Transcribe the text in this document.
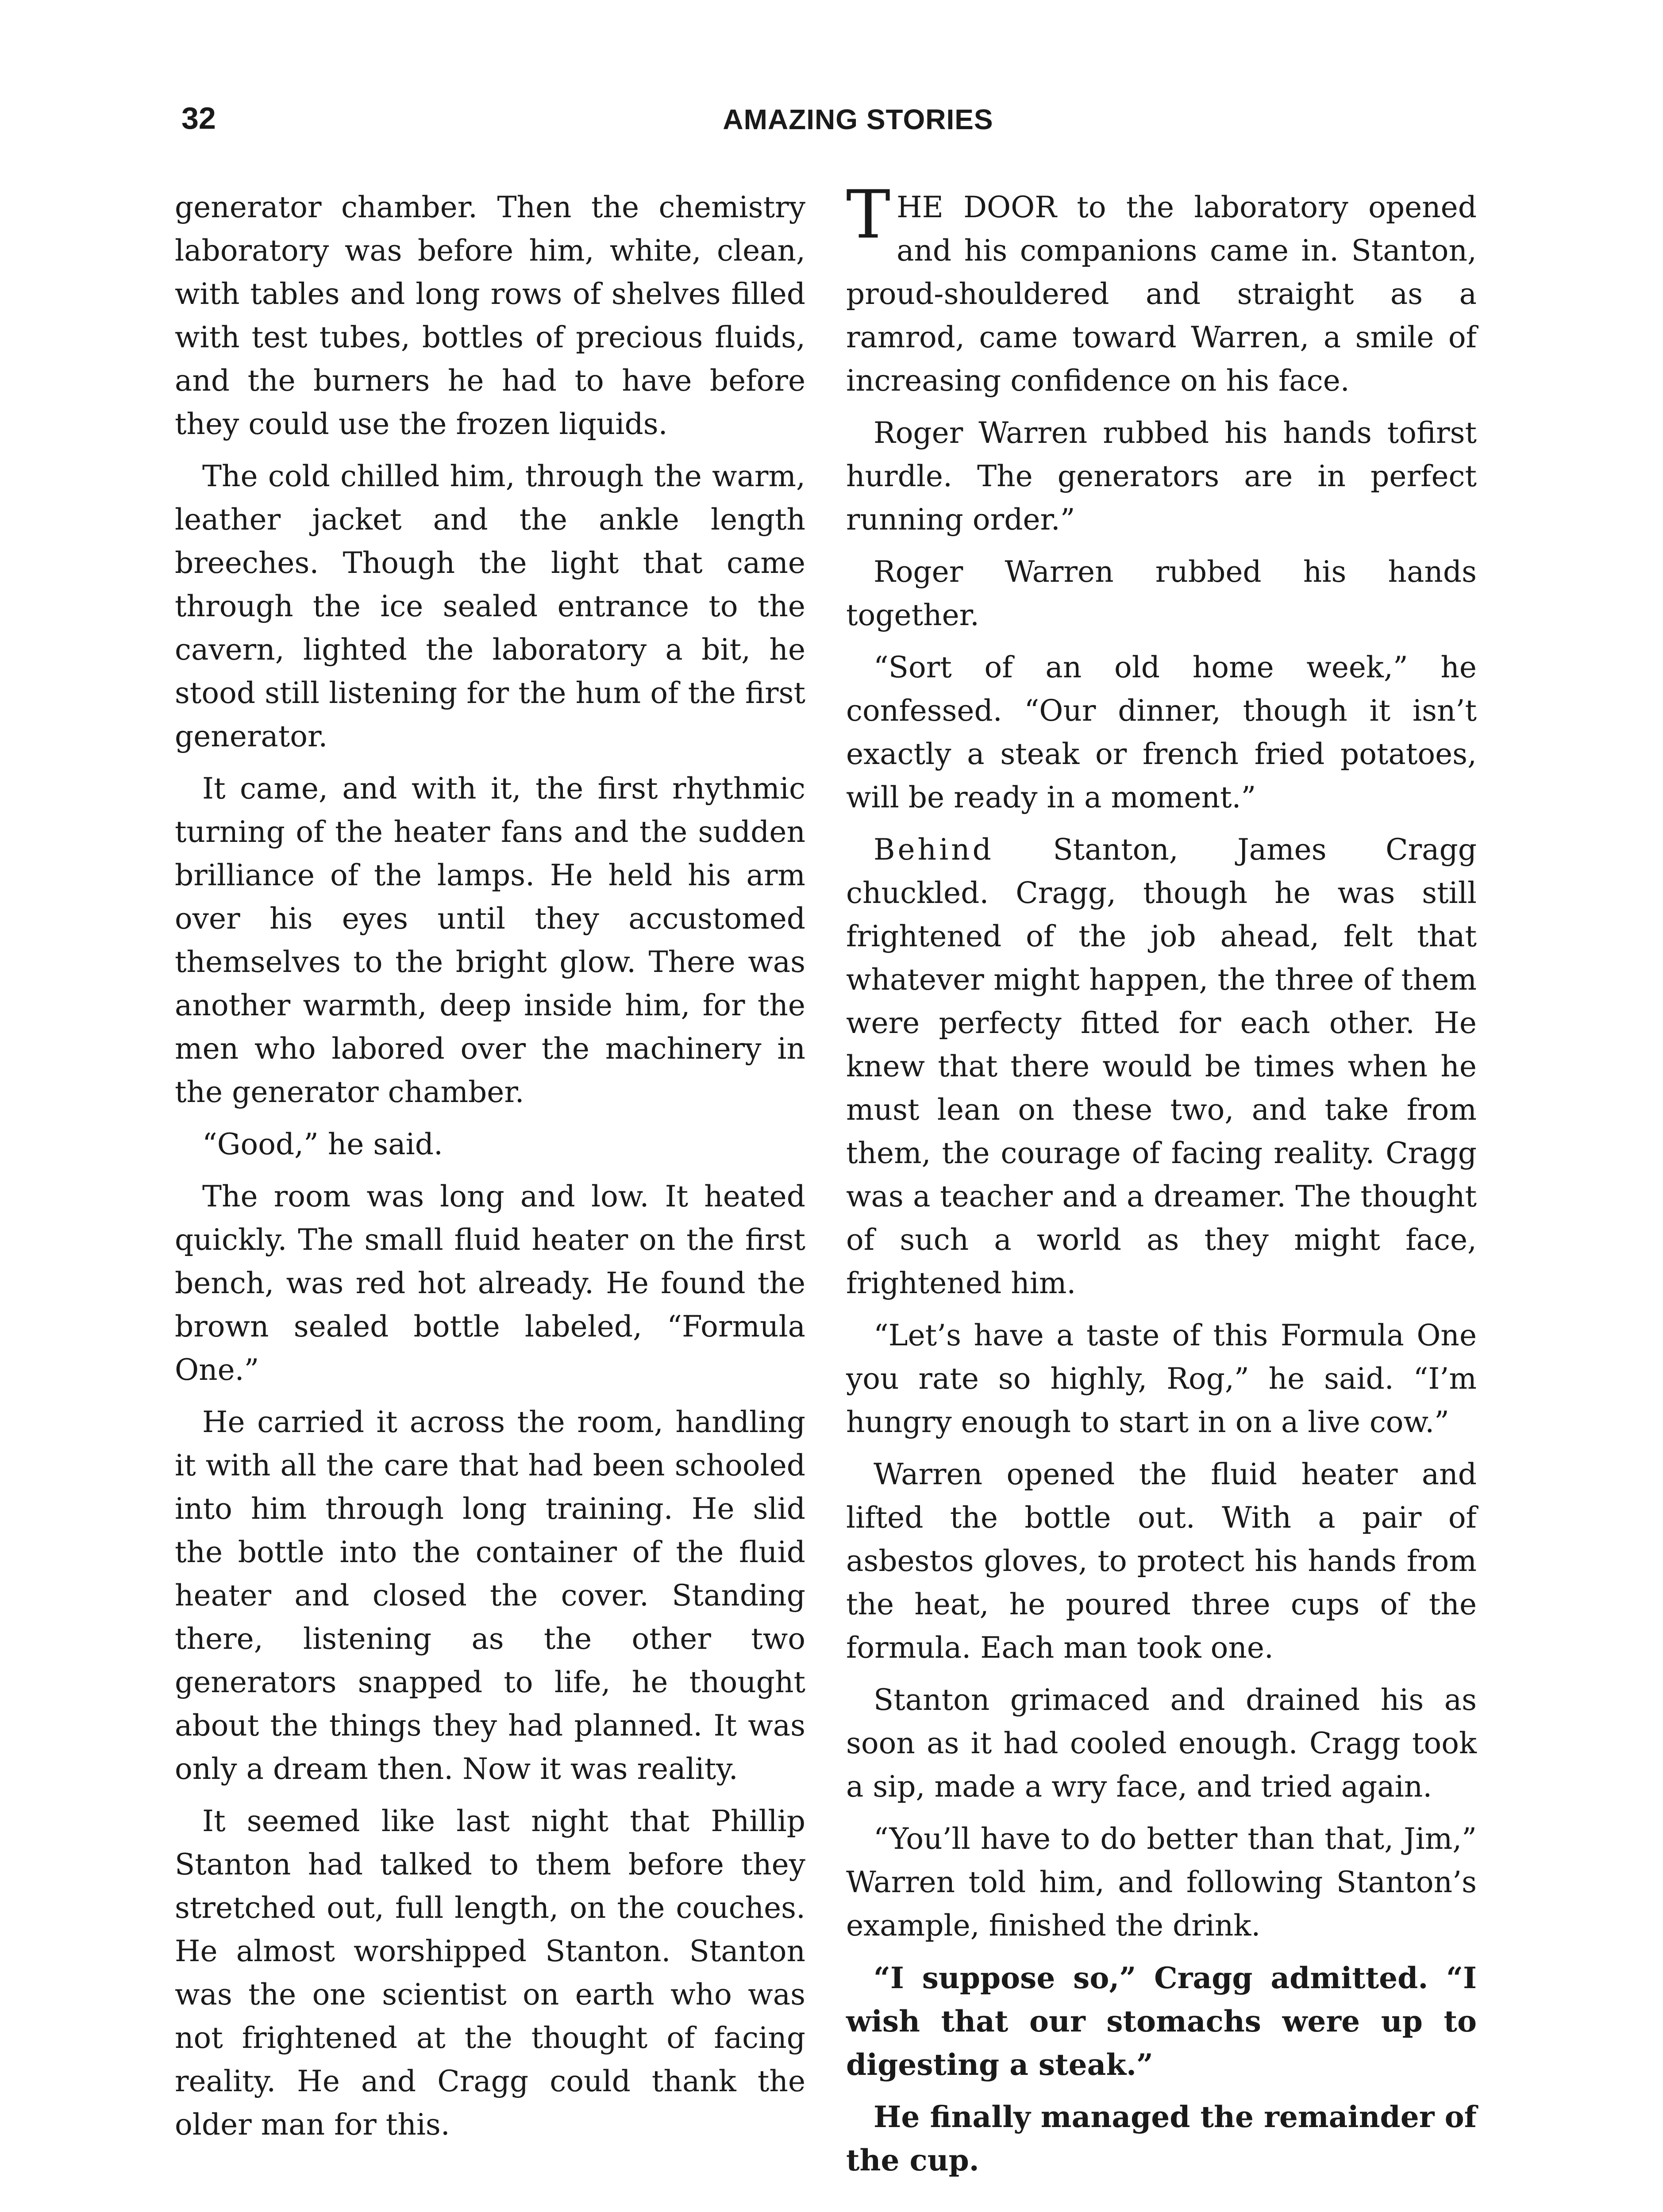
32	AMAZING STORIES

generator chamber. Then the chemistry laboratory was before him, white, clean, with tables and long rows of shelves filled with test tubes, bottles of precious fluids, and the burners he had to have before they could use the frozen liquids.

The cold chilled him, through the warm, leather jacket and the ankle length breeches. Though the light that came through the ice sealed entrance to the cavern, lighted the laboratory a bit, he stood still listening for the hum of the first generator.

It came, and with it, the first rhythmic turning of the heater fans and the sudden brilliance of the lamps. He held his arm over his eyes until they accustomed themselves to the bright glow. There was another warmth, deep inside him, for the men who labored over the machinery in the generator chamber.

“Good,” he said.

The room was long and low. It heated quickly. The small fluid heater on the first bench, was red hot already. He found the brown sealed bottle labeled, “Formula One.”

He carried it across the room, handling it with all the care that had been schooled into him through long training. He slid the bottle into the container of the fluid heater and closed the cover. Standing there, listening as the other two generators snapped to life, he thought about the things they had planned. It was only a dream then. Now it was reality.

It seemed like last night that Phillip Stanton had talked to them before they stretched out, full length, on the couches. He almost worshipped Stanton. Stanton was the one scientist on earth who was not frightened at the thought of facing reality. He and Cragg could thank the older man for this.

THE DOOR to the laboratory opened and his companions came in. Stanton, proud-shouldered and straight as a ramrod, came toward Warren, a smile of increasing confidence on his face.

Roger Warren rubbed his hands tofirst hurdle. The generators are in perfect running order.”

Roger Warren rubbed his hands together.

“Sort of an old home week,” he confessed. “Our dinner, though it isn’t exactly a steak or french fried potatoes, will be ready in a moment.”

Behind Stanton, James Cragg chuckled. Cragg, though he was still frightened of the job ahead, felt that whatever might happen, the three of them were perfecty fitted for each other. He knew that there would be times when he must lean on these two, and take from them, the courage of facing reality. Cragg was a teacher and a dreamer. The thought of such a world as they might face, frightened him.

“Let’s have a taste of this Formula One you rate so highly, Rog,” he said. “I’m hungry enough to start in on a live cow.”

Warren opened the fluid heater and lifted the bottle out. With a pair of asbestos gloves, to protect his hands from the heat, he poured three cups of the formula. Each man took one.

Stanton grimaced and drained his as soon as it had cooled enough. Cragg took a sip, made a wry face, and tried again.

“You’ll have to do better than that, Jim,” Warren told him, and following Stanton’s example, finished the drink.

“I suppose so,” Cragg admitted. “I wish that our stomachs were up to digesting a steak.”

He finally managed the remainder of the cup.
